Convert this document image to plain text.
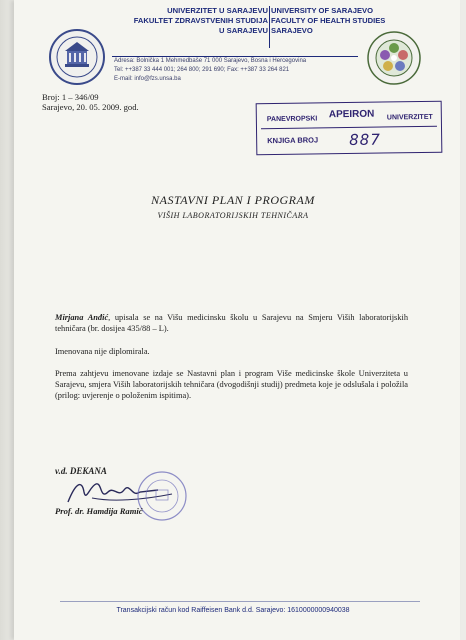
UNIVERZITET U SARAJEVU
FAKULTET ZDRAVSTVENIH STUDIJA
U SARAJEVU
UNIVERSITY OF SARAJEVO
FACULTY OF HEALTH STUDIES
SARAJEVO
Adresa: Bolnička 1 Mehmedbaše 71 000 Sarajevo, Bosna i Hercegovina
Tel: ++387 33 444 001; 264 800; 291 690; Fax: ++387 33 264 821
E-mail: info@fzs.unsa.ba
Broj: 1 – 346/09
Sarajevo, 20. 05. 2009. god.
PANEVROPSKI APEIRON UNIVERZITET
KNJIGA BROJ 887
NASTAVNI PLAN I PROGRAM
VIŠIH LABORATORIJSKIH TEHNIČARA
Mirjana Anđić, upisala se na Višu medicinsku školu u Sarajevu na Smjeru Viših laboratorijskih tehničara (br. dosijea 435/88 – L).
Imenovana nije diplomirala.
Prema zahtjevu imenovane izdaje se Nastavni plan i program Više medicinske škole Univerziteta u Sarajevu, smjera Viših laboratorijskih tehničara (dvogodišnji studij) predmeta koje je odslušala i položila (prilog: uvjerenje o položenim ispitima).
v.d. DEKANA
Prof. dr. Hamdija Ramić
Transakcijski račun kod Raiffeisen Bank d.d. Sarajevo: 1610000000940038
